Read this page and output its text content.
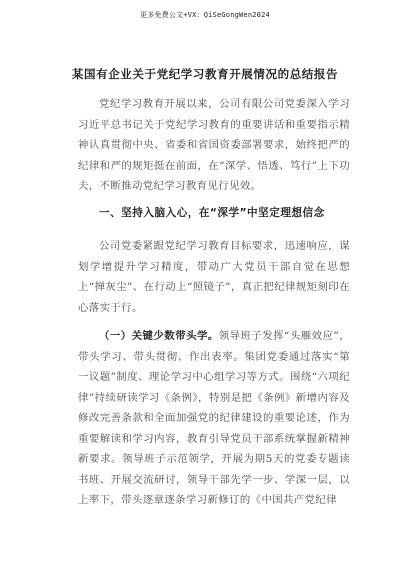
更多免费公文+VX：QiSeGongWen2024
某国有企业关于党纪学习教育开展情况的总结报告

党纪学习教育开展以来，公司有限公司党委深入学习习近平总书记关于党纪学习教育的重要讲话和重要指示精神认真贯彻中央、省委和省国资委部署要求，始终把严的纪律和严的规矩挺在前面，在“深学、悟透、笃行”上下功夫，不断推动党纪学习教育见行见效。

一、坚持入脑入心，在“深学”中坚定理想信念

公司党委紧跟党纪学习教育目标要求，迅速响应，谋划学增提升学习精度，带动广大党员干部自觉在思想上“掸灰尘”、在行动上“照镜子”，真正把纪律规矩刻印在心落实于行。

（一）关键少数带头学。领导班子发挥“头雁效应”，带头学习、带头贯彻、作出表率。集团党委通过落实“第一议题”制度、理论学习中心组学习等方式。围绕“六项纪律”持续研读学习《条例》，特别是把《条例》新增内容及修改完善条款和全面加强党的纪律建设的重要论述，作为重要解读和学习内容，教育引导党员干部系统掌握新精神新要求。领导班子示范领学，开展为期5天的党委专题读书班、开展交流研讨，领导干部先学一步、学深一层，以上率下，带头逐章逐条学习新修订的《中国共产党纪律
